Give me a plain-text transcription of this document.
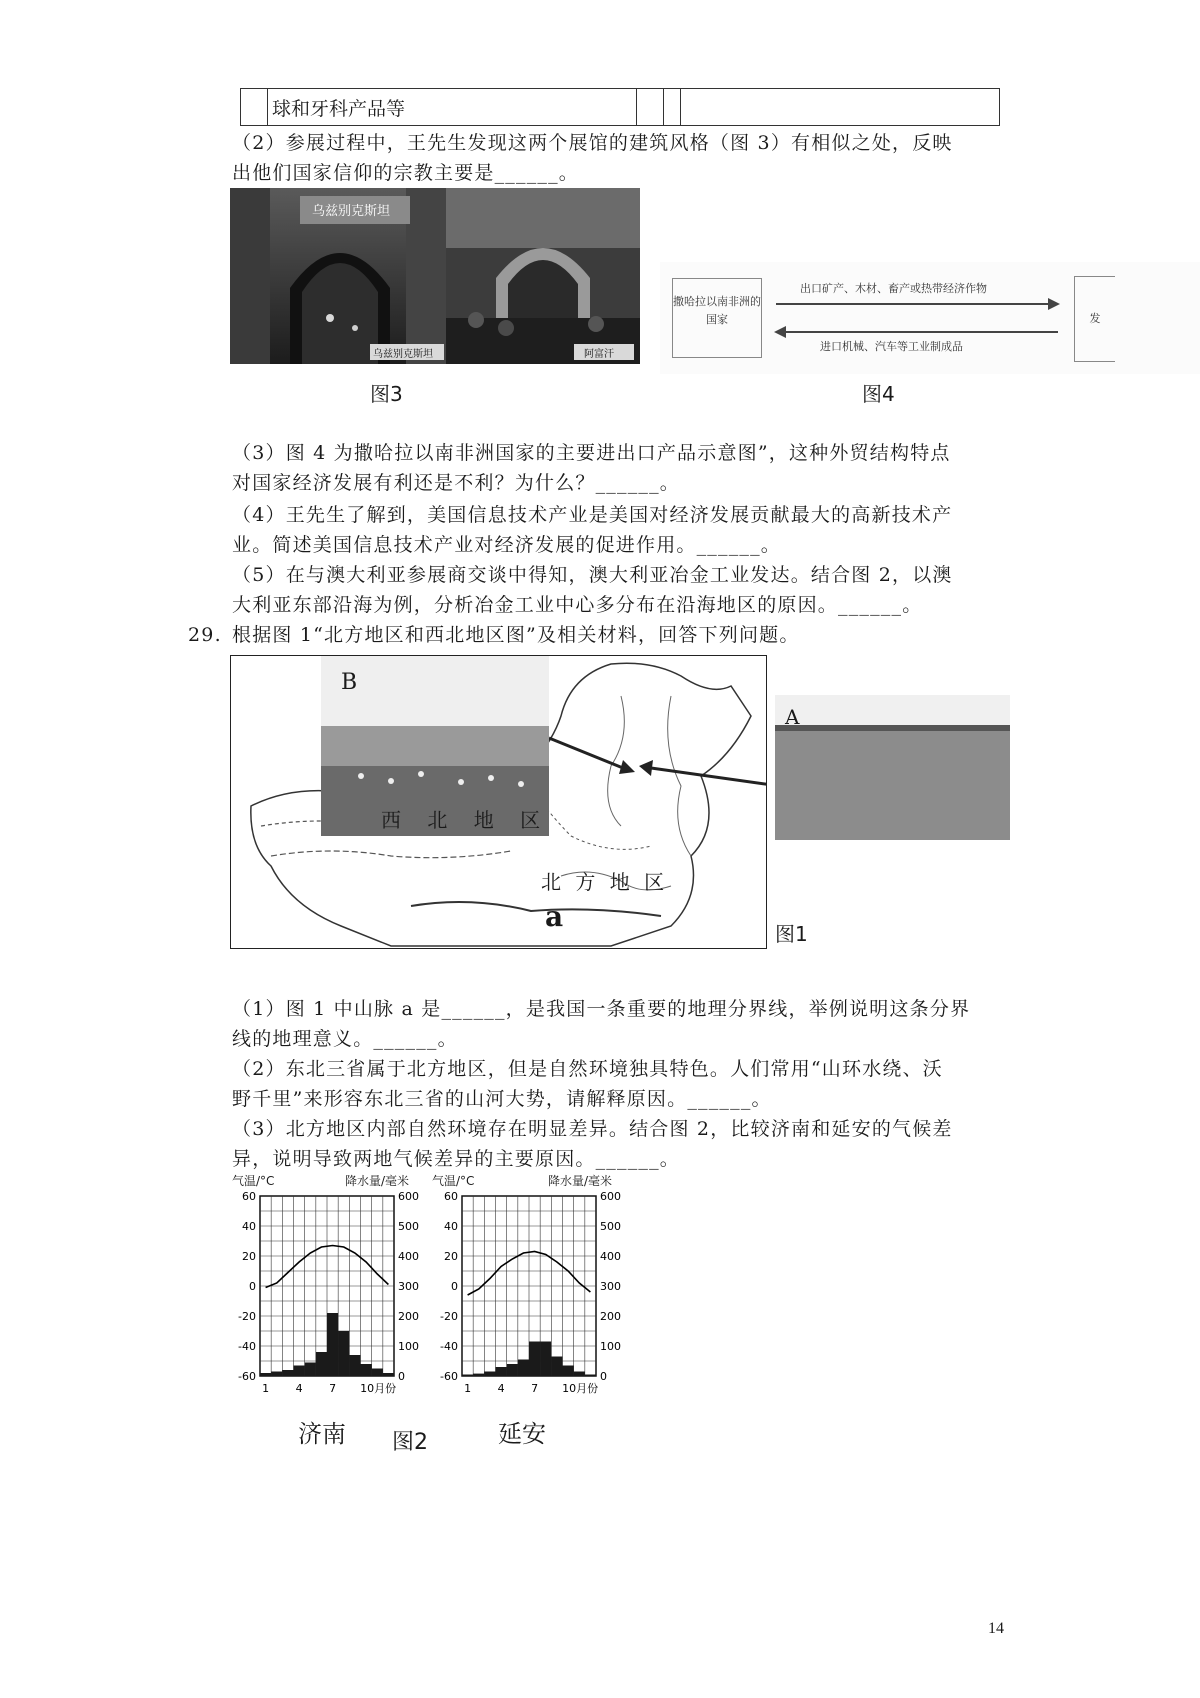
	球和牙科产品等			
（2）参展过程中，王先生发现这两个展馆的建筑风格（图 3）有相似之处，反映
出他们国家信仰的宗教主要是______。
乌兹别克斯坦
乌兹别克斯坦	阿富汗
图3
撒哈拉以南非洲的国家
出口矿产、木材、畜产或热带经济作物
进口机械、汽车等工业制成品
发
图4
（3）图 4 为撒哈拉以南非洲国家的主要进出口产品示意图”，这种外贸结构特点
对国家经济发展有利还是不利？为什么？______。
（4）王先生了解到，美国信息技术产业是美国对经济发展贡献最大的高新技术产
业。简述美国信息技术产业对经济发展的促进作用。______。
（5）在与澳大利亚参展商交谈中得知，澳大利亚冶金工业发达。结合图 2，以澳
大利亚东部沿海为例，分析冶金工业中心多分布在沿海地区的原因。______。
29. 根据图 1“北方地区和西北地区图”及相关材料，回答下列问题。
B
西 北 地 区
北 方 地 区
a
A
图1
（1）图 1 中山脉 a 是______，是我国一条重要的地理分界线，举例说明这条分界
线的地理意义。______。
（2）东北三省属于北方地区，但是自然环境独具特色。人们常用“山环水绕、沃
野千里”来形容东北三省的山河大势，请解释原因。______。
（3）北方地区内部自然环境存在明显差异。结合图 2，比较济南和延安的气候差
异，说明导致两地气候差异的主要原因。______。
气温/°C	降水量/毫米 气温/°C	降水量/毫米
60
40
20
0
-20
-40
-60
600
500
400
300
200
100
0
1 4 7 10月份
60
40
20
0
-20
-40
-60
600
500
400
300
200
100
0
1 4 7 10月份
济南 图2	延安
14
